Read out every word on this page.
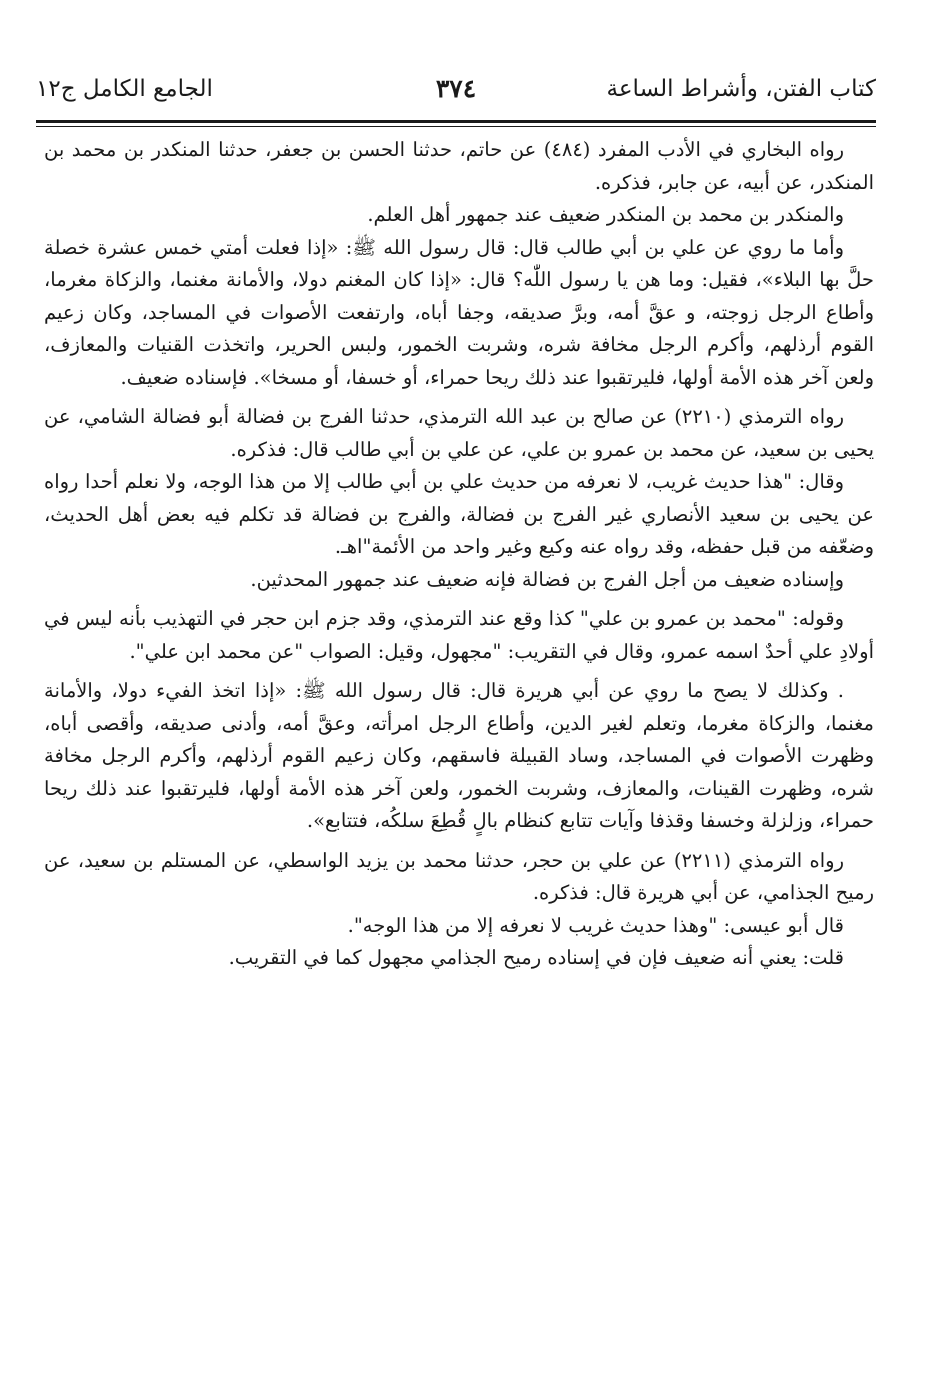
كتاب الفتن، وأشراط الساعة
٣٧٤
الجامع الكامل ج١٢

رواه البخاري في الأدب المفرد (٤٨٤) عن حاتم، حدثنا الحسن بن جعفر، حدثنا المنكدر بن محمد بن المنكدر، عن أبيه، عن جابر، فذكره.

والمنكدر بن محمد بن المنكدر ضعيف عند جمهور أهل العلم.

وأما ما روي عن علي بن أبي طالب قال: قال رسول الله ﷺ: «إذا فعلت أمتي خمس عشرة خصلة حلَّ بها البلاء»، فقيل: وما هن يا رسول اللّٰه؟ قال: «إذا كان المغنم دولا، والأمانة مغنما، والزكاة مغرما، وأطاع الرجل زوجته، و عقَّ أمه، وبرَّ صديقه، وجفا أباه، وارتفعت الأصوات في المساجد، وكان زعيم القوم أرذلهم، وأكرم الرجل مخافة شره، وشربت الخمور، ولبس الحرير، واتخذت القنيات والمعازف، ولعن آخر هذه الأمة أولها، فليرتقبوا عند ذلك ريحا حمراء، أو خسفا، أو مسخا». فإسناده ضعيف.

رواه الترمذي (٢٢١٠) عن صالح بن عبد الله الترمذي، حدثنا الفرج بن فضالة أبو فضالة الشامي، عن يحيى بن سعيد، عن محمد بن عمرو بن علي، عن علي بن أبي طالب قال: فذكره.

وقال: "هذا حديث غريب، لا نعرفه من حديث علي بن أبي طالب إلا من هذا الوجه، ولا نعلم أحدا رواه عن يحيى بن سعيد الأنصاري غير الفرج بن فضالة، والفرج بن فضالة قد تكلم فيه بعض أهل الحديث، وضعّفه من قبل حفظه، وقد رواه عنه وكيع وغير واحد من الأئمة"اهـ.

وإسناده ضعيف من أجل الفرج بن فضالة فإنه ضعيف عند جمهور المحدثين.

وقوله: "محمد بن عمرو بن علي" كذا وقع عند الترمذي، وقد جزم ابن حجر في التهذيب بأنه ليس في أولادِ علي أحدٌ اسمه عمرو، وقال في التقريب: "مجهول، وقيل: الصواب "عن محمد ابن علي".

. وكذلك لا يصح ما روي عن أبي هريرة قال: قال رسول الله ﷺ: «إذا اتخذ الفيء دولا، والأمانة مغنما، والزكاة مغرما، وتعلم لغير الدين، وأطاع الرجل امرأته، وعقَّ أمه، وأدنى صديقه، وأقصى أباه، وظهرت الأصوات في المساجد، وساد القبيلة فاسقهم، وكان زعيم القوم أرذلهم، وأكرم الرجل مخافة شره، وظهرت القينات، والمعازف، وشربت الخمور، ولعن آخر هذه الأمة أولها، فليرتقبوا عند ذلك ريحا حمراء، وزلزلة وخسفا وقذفا وآيات تتابع كنظام بالٍ قُطِعَ سلكُه، فتتابع».

رواه الترمذي (٢٢١١) عن علي بن حجر، حدثنا محمد بن يزيد الواسطي، عن المستلم بن سعيد، عن رميح الجذامي، عن أبي هريرة قال: فذكره.

قال أبو عيسى: "وهذا حديث غريب لا نعرفه إلا من هذا الوجه".

قلت: يعني أنه ضعيف فإن في إسناده رميح الجذامي مجهول كما في التقريب.
